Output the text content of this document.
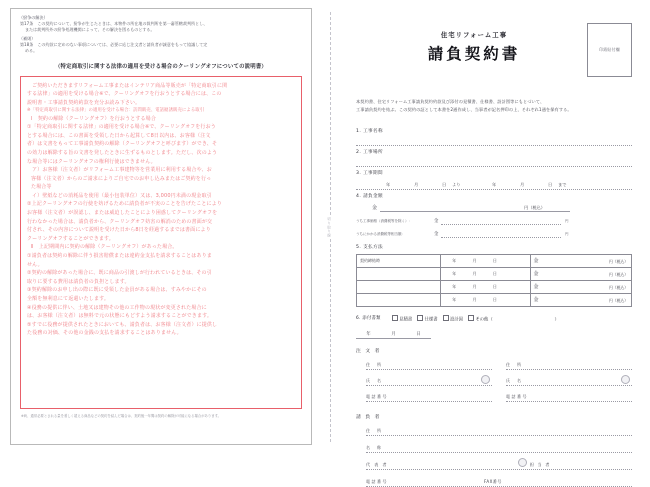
（紛争の解決）
第17条　この契約について、紛争が生じたときは、本物件の所在地の裁判所を第一審管轄裁判所とし、
または裁判所外の紛争処理機関によって、その解決を図るものとする。
（補則）
第18条　この約款に定めのない事項については、必要に応じ注文者と請負者が誠意をもって協議して定
める。
（特定商取引に関する法律の適用を受ける場合のクーリングオフについての説明書）

ご契約いただきますリフォーム工事またはインテリア商品等販売が「特定商取引に関

する法律」の適用を受ける場合※で、クーリングオフを行おうとする場合には、この

説明書・工事請負契約約款を充分お読み下さい。

※「特定商取引に関する法律」の適用を受ける場合：訪問販売、電話勧誘販売による取引

Ⅰ　契約の解除（クーリングオフ）を行おうとする場合

①「特定商取引に関する法律」の適用を受ける場合※で、クーリングオフを行おう

とする場合には、この書面を受領した日から起算して8日以内は、お客様（注文

者）は文書をもって工事請負契約の解除（クーリングオフと呼びます）ができ、そ

の効力は解除する旨の文書を発したときに生ずるものとします。ただし、次のよう

な場合等にはクーリングオフの権利行使はできません。

ア）お客様（注文者）がリフォーム工事建物等を営業用に利用する場合や、お

客様（注文者）からのご請求によりご自宅でのお申し込みまたはご契約を行っ

た場合等

イ）壁紙などの消耗品を使用（最小包装単位）又は、3,000円未満の現金取引

②上記クーリングオフの行使を妨げるために請負者が不実のことを告げたことにより

お客様（注文者）が誤認し、または威迫したことにより困惑してクーリングオフを

行わなかった場合は、請負者から、クーリングオフ妨害の解消のための書面が交

付され、その内容について説明を受けた日から8日を経過するまでは書面により

クーリングオフすることができます。

Ⅱ　上記期間内に契約の解除（クーリングオフ）があった場合。

①請負者は契約の解除に伴う損害賠償または違約金支払を請求することはありま

せん。

②契約の解除があった場合に、既に商品の引渡しが行われているときは、その引

取りに要する費用は請負者の負担とします。

③契約解除のお申し出の際に既に受領した金員がある場合は、すみやかにその

全額を無利息にて返還いたします。

④役務の提供に伴い、土地又は建物その他の工作物の現状が変更された場合に

は、お客様（注文者）は無料で元の状態にもどすよう請求することができます。

⑤すでに役務が提供されたときにおいても、請負者は、お客様（注文者）に提供し

た役務の対価、その他の金銭の支払を請求することはありません。

※尚、通常必要とされる量を著しく超える商品などの契約を結んだ場合は、契約後一年間は契約の解除が可能になる場合があります。
切り取り線
住宅リフォーム工事
請負契約書	印紙貼付欄
本契約書、住宅リフォーム工事請負契約約款及び添付の見積書、仕様書、設計図等にもとづいて、
工事請負契約を結ぶ。この契約の証として本書を2通作成し、当事者が記名押印の上、それぞれ1通を保有する。
1. 工事名称
2. 工事場所
3. 工事期間
年	月	日 より	年	月	日 まで
4. 請負金額
金	円（税込）
うち工事価格（消費税等を除く）：	金	円
うちにかかる消費税等相当額：	金	円
5. 支払方法
契約締結時	年 月 日	金 円（税込）

	年 月 日	金 円（税込）

	年 月 日	金 円（税込）

	年 月 日	金 円（税込）
6. 添付書類	見積書	仕様書	設計図	その他（	）
年	月	日
注 文 者
住　所
氏　名
電話番号
住　所
氏　名
電話番号
請 負 者
住　所
名　称
代 表 者	担 当 者
電話番号	FAX番号
